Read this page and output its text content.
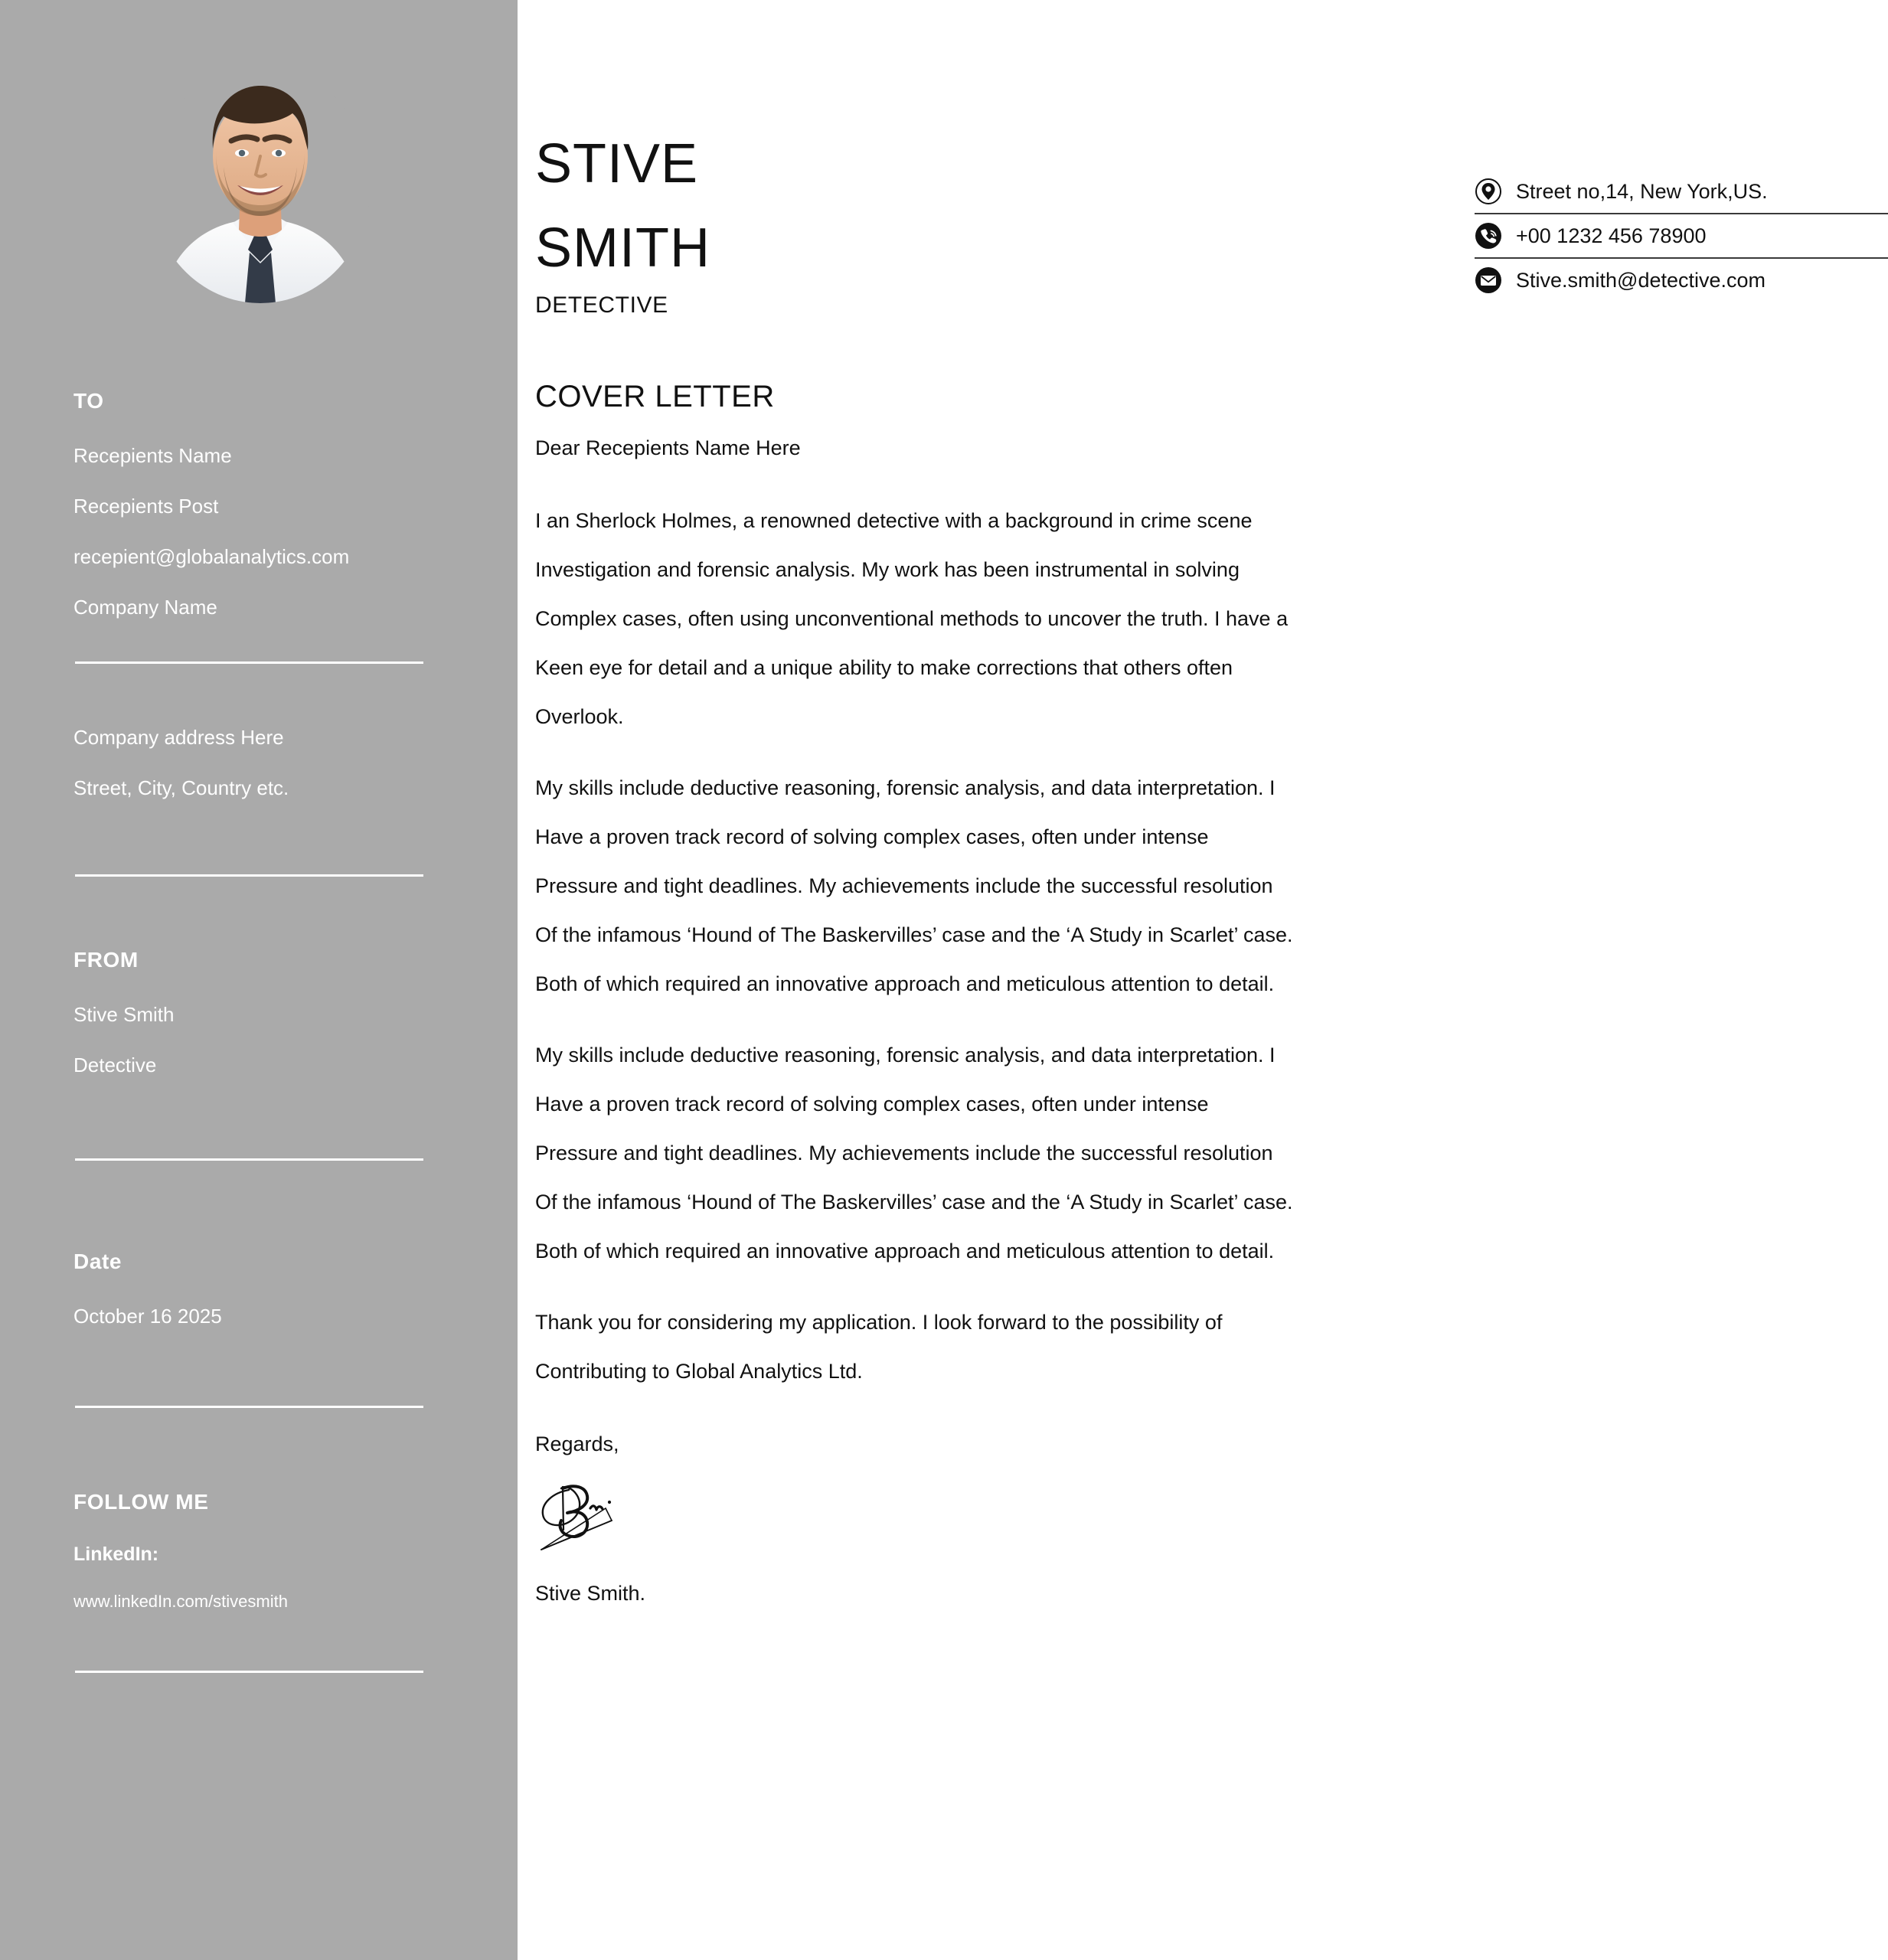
TO
Recepients Name
Recepients Post
recepient@globalanalytics.com
Company Name
Company address Here
Street, City, Country etc.
FROM
Stive Smith
Detective
Date
October 16 2025
FOLLOW ME
LinkedIn:
www.linkedIn.com/stivesmith
STIVE
SMITH
DETECTIVE
Street no,14, New York,US.
+00 1232 456 78900
Stive.smith@detective.com
COVER LETTER
Dear Recepients Name Here
I an Sherlock Holmes, a renowned detective with a background in crime scene
Investigation and forensic analysis. My work has been instrumental in solving
Complex cases, often using unconventional methods to uncover the truth. I have a
Keen eye for detail and a unique ability to make corrections that others often
Overlook.
My skills include deductive reasoning, forensic analysis, and data interpretation. I
Have a proven track record of solving complex cases, often under intense
Pressure and tight deadlines. My achievements include the successful resolution
Of the infamous ‘Hound of The Baskervilles’ case and the ‘A Study in Scarlet’ case.
Both of which required an innovative approach and meticulous attention to detail.
My skills include deductive reasoning, forensic analysis, and data interpretation. I
Have a proven track record of solving complex cases, often under intense
Pressure and tight deadlines. My achievements include the successful resolution
Of the infamous ‘Hound of The Baskervilles’ case and the ‘A Study in Scarlet’ case.
Both of which required an innovative approach and meticulous attention to detail.
Thank you for considering my application. I look forward to the possibility of
Contributing to Global Analytics Ltd.
Regards,
Stive Smith.
